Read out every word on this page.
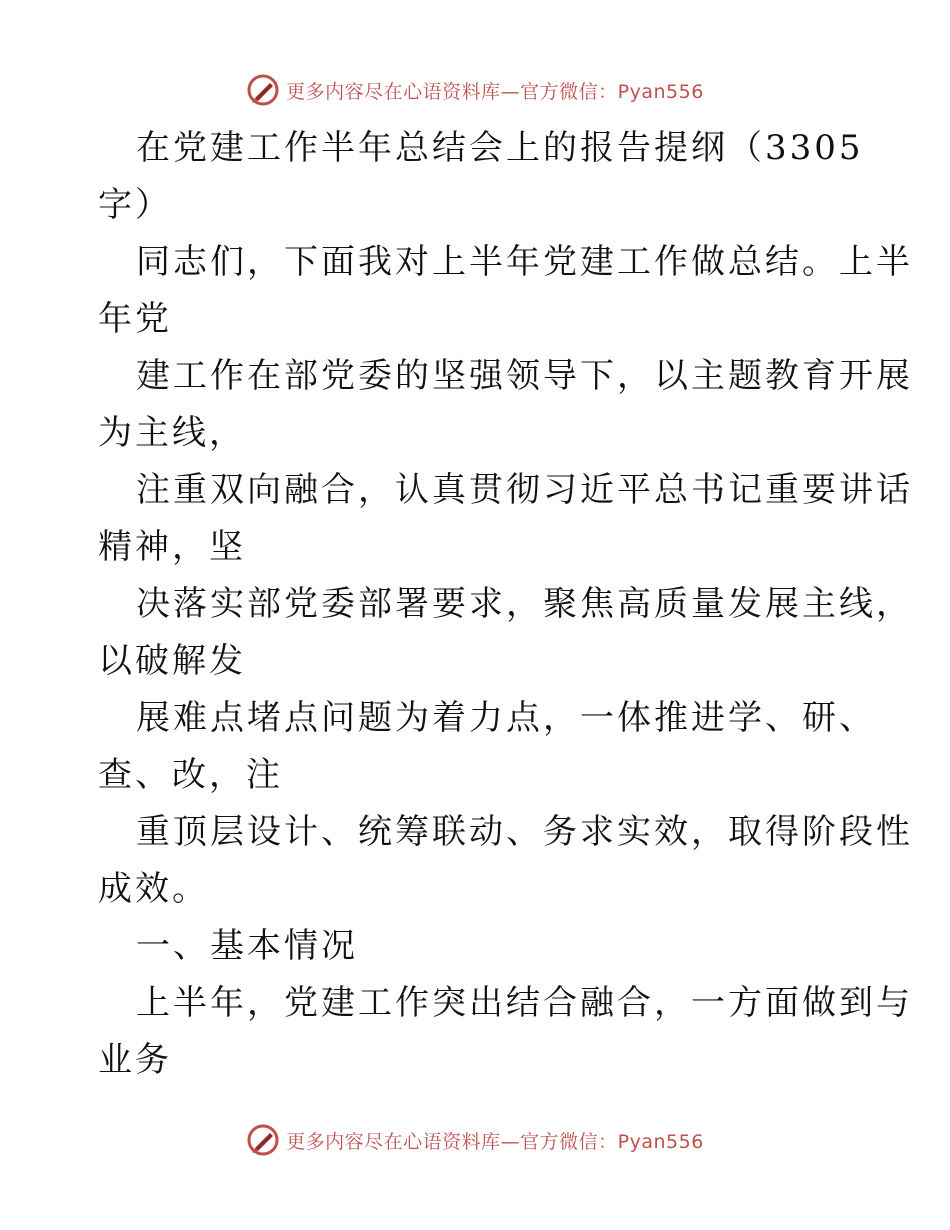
更多内容尽在心语资料库—官方微信：Pyan556
在党建工作半年总结会上的报告提纲（3305
字）
同志们，下面我对上半年党建工作做总结。上半
年党
建工作在部党委的坚强领导下，以主题教育开展
为主线，
注重双向融合，认真贯彻习近平总书记重要讲话
精神，坚
决落实部党委部署要求，聚焦高质量发展主线，
以破解发
展难点堵点问题为着力点，一体推进学、研、
查、改，注
重顶层设计、统筹联动、务求实效，取得阶段性
成效。
一、基本情况
上半年，党建工作突出结合融合，一方面做到与
业务
更多内容尽在心语资料库—官方微信：Pyan556
